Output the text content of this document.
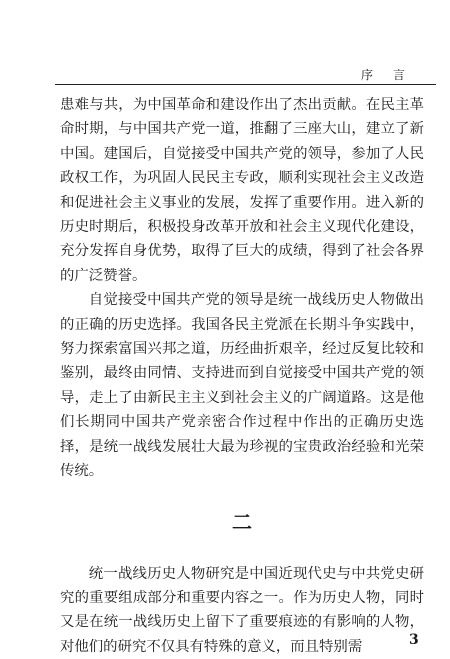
序 言

患难与共，为中国革命和建设作出了杰出贡献。在民主革命时期，与中国共产党一道，推翻了三座大山，建立了新中国。建国后，自觉接受中国共产党的领导，参加了人民政权工作，为巩固人民民主专政，顺利实现社会主义改造和促进社会主义事业的发展，发挥了重要作用。进入新的历史时期后，积极投身改革开放和社会主义现代化建设，充分发挥自身优势，取得了巨大的成绩，得到了社会各界的广泛赞誉。

自觉接受中国共产党的领导是统一战线历史人物做出的正确的历史选择。我国各民主党派在长期斗争实践中，努力探索富国兴邦之道，历经曲折艰辛，经过反复比较和鉴别，最终由同情、支持进而到自觉接受中国共产党的领导，走上了由新民主主义到社会主义的广阔道路。这是他们长期同中国共产党亲密合作过程中作出的正确历史选择，是统一战线发展壮大最为珍视的宝贵政治经验和光荣传统。

二

统一战线历史人物研究是中国近现代史与中共党史研究的重要组成部分和重要内容之一。作为历史人物，同时又是在统一战线历史上留下了重要痕迹的有影响的人物，对他们的研究不仅具有特殊的意义，而且特别需	3
